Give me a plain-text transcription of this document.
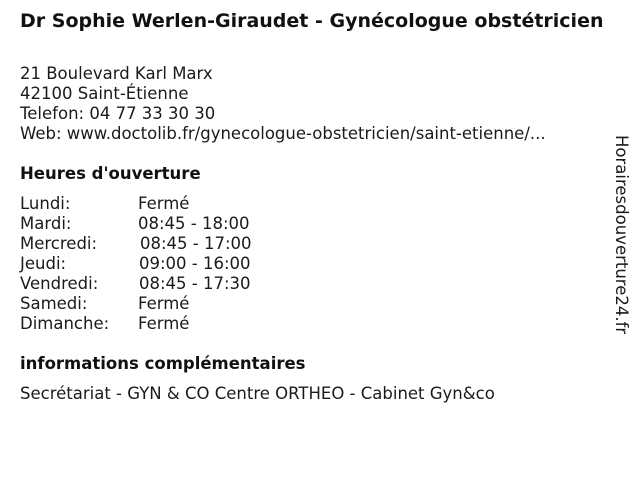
Dr Sophie Werlen-Giraudet - Gynécologue obstétricien
21 Boulevard Karl Marx
42100 Saint-Étienne
Telefon: 04 77 33 30 30
Web: www.doctolib.fr/gynecologue-obstetricien/saint-etienne/...
Heures d'ouverture
Lundi:	Fermé
Mardi:	08:45 - 18:00
Mercredi:	08:45 - 17:00
Jeudi:	09:00 - 16:00
Vendredi: 08:45 - 17:30
Samedi:	Fermé
Dimanche: Fermé
informations complémentaires
Secrétariat - GYN & CO Centre ORTHEO - Cabinet Gyn&co
Horairesdouverture24.fr
